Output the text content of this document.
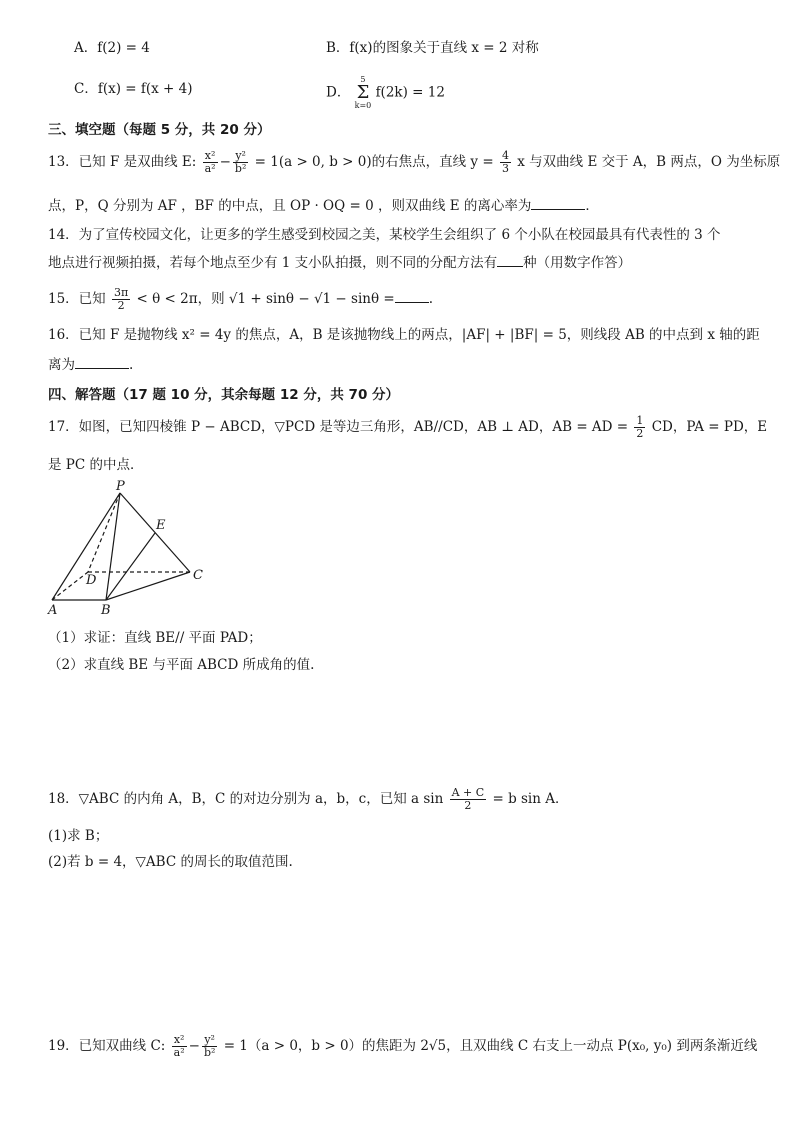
A．f(2) = 4	B．f(x)的图象关于直线 x = 2 对称
C．f(x) = f(x + 4)	D． 5
Σ
k=0 f(2k) = 12
三、填空题（每题 5 分，共 20 分）
13．已知 F 是双曲线 E: $\frac{\text{x²}}{\text{a²}} - \frac{\text{y²}}{\text{b²}} = 1(a > 0$, b > 0)的右焦点，直线 $y = \frac{4}{3}$ x 与双曲线 E 交于 A，B 两点，O 为坐标原
点，P，Q 分别为 AF ，BF 的中点，且 OP · OQ = 0 ，则双曲线 E 的离心率为	．
14．为了宣传校园文化，让更多的学生感受到校园之美，某校学生会组织了 6 个小队在校园最具有代表性的 3 个
地点进行视频拍摄，若每个地点至少有 1 支小队拍摄，则不同的分配方法有 种（用数字作答）
15．已知 $\frac{3\pi}{2} < \theta < 2\pi$，则 √1 + sinθ − √1 − sinθ =	.
16．已知 F 是抛物线 x² = 4y 的焦点，A，B 是该抛物线上的两点，|AF| + |BF| = 5，则线段 AB 的中点到 x 轴的距
离为	.
四、解答题（17 题 10 分，其余每题 12 分，共 70 分）
17．如图，已知四棱锥 P − ABCD，▽PCD 是等边三角形，AB//CD，AB ⊥ AD，AB = AD = $\frac{1}{2}$ CD，PA = PD，E
是 PC 的中点．
P
E
D	C
A	B
（1）求证：直线 BE// 平面 PAD；
（2）求直线 BE 与平面 ABCD 所成角的值.
18．▽ABC 的内角 A，B，C 的对边分别为 a，b，c，已知 a $\sin \frac{A + C}{2} = b$ sin A．
(1)求 B；
(2)若 b = 4，▽ABC 的周长的取值范围.
19．已知双曲线 C: $\frac{\text{x²}}{\text{a²}} - \frac{\text{y²}}{\text{b²}} = 1(a > 0$，b > 0）的焦距为 2√5，且双曲线 C 右支上一动点 P(x₀, y₀) 到两条渐近线
